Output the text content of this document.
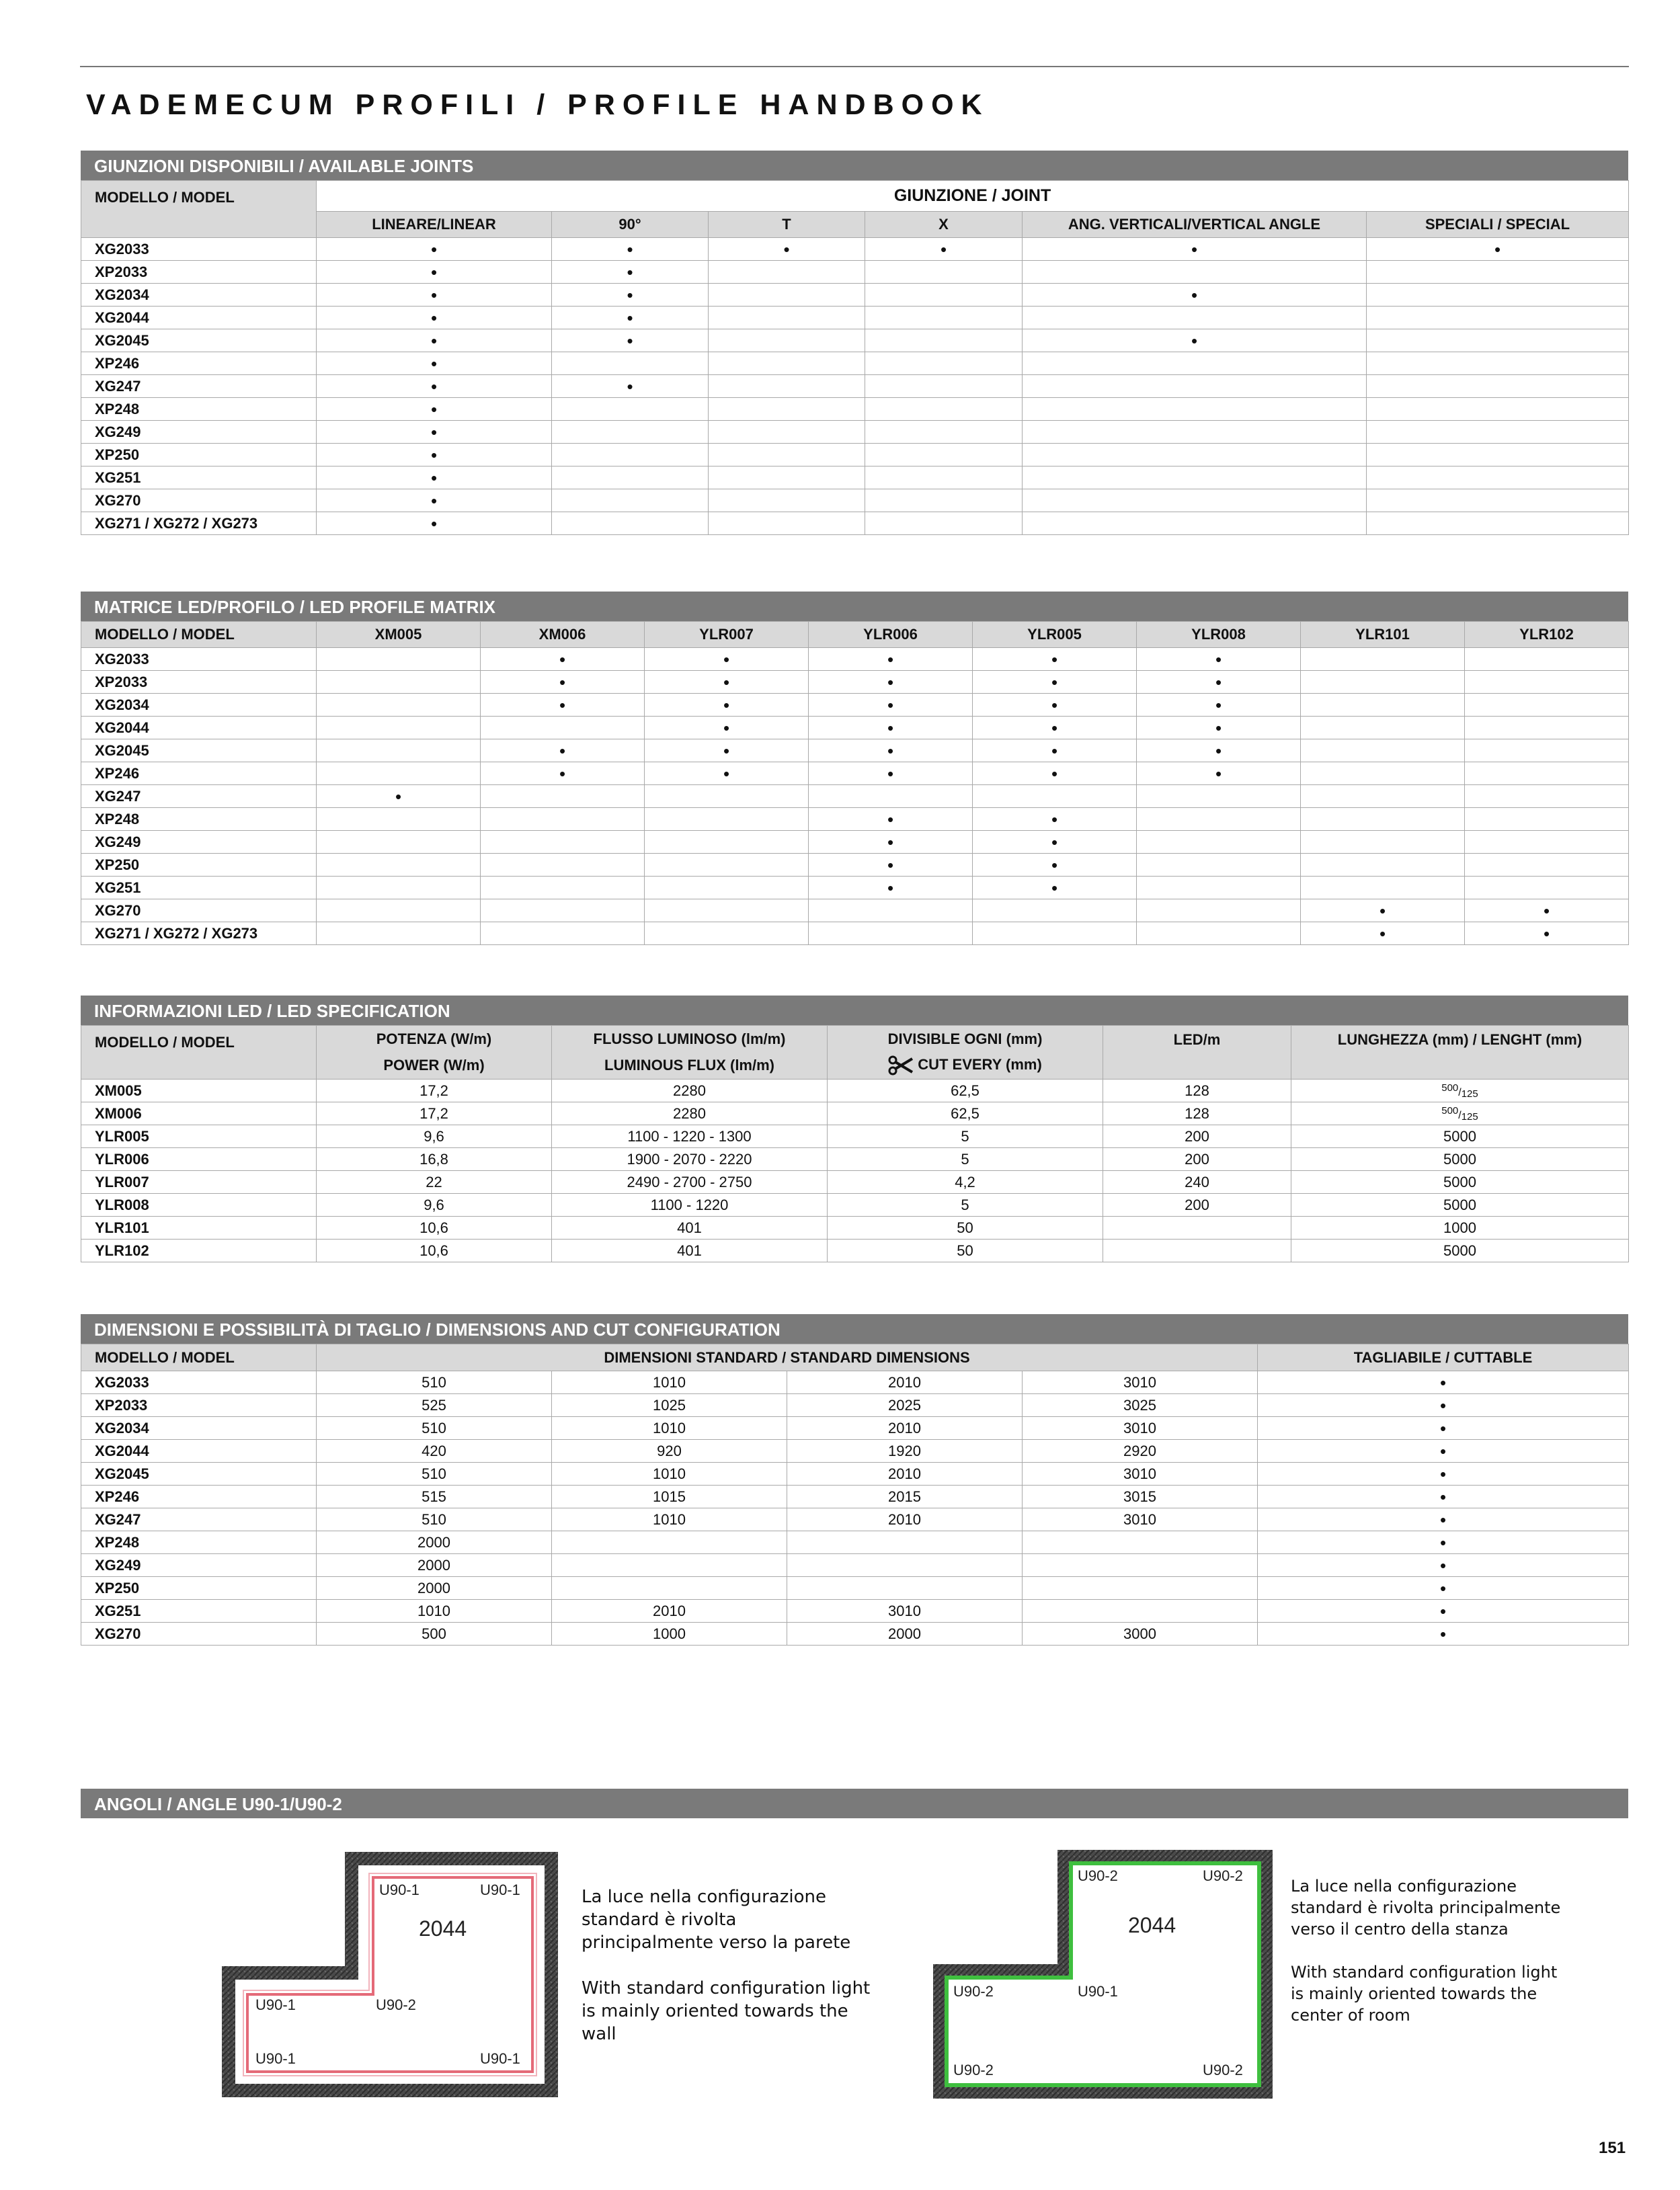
VADEMECUM PROFILI / PROFILE HANDBOOK
GIUNZIONI DISPONIBILI / AVAILABLE JOINTS
MODELLO / MODEL	GIUNZIONE / JOINT					
	LINEARE/LINEAR	90°	T	X	ANG. VERTICALI/VERTICAL ANGLE	SPECIALI / SPECIAL
XG2033	•	•	•	•	•	•
XP2033	•	•				
XG2034	•	•			•	
XG2044	•	•				
XG2045	•	•			•	
XP246	•					
XG247	•	•				
XP248	•					
XG249	•					
XP250	•					
XG251	•					
XG270	•					
XG271 / XG272 / XG273	•					
MATRICE LED/PROFILO / LED PROFILE MATRIX
MODELLO / MODEL	XM005	XM006	YLR007	YLR006	YLR005	YLR008	YLR101	YLR102
XG2033		•	•	•	•	•		
XP2033		•	•	•	•	•		
XG2034		•	•	•	•	•		
XG2044			•	•	•	•		
XG2045		•	•	•	•	•		
XP246		•	•	•	•	•		
XG247	•							
XP248				•	•			
XG249				•	•			
XP250				•	•			
XG251				•	•			
XG270							•	•
XG271 / XG272 / XG273							•	•
INFORMAZIONI LED / LED SPECIFICATION
MODELLO / MODEL	POTENZA (W/m)	FLUSSO LUMINOSO (lm/m)	DIVISIBLE OGNI (mm)	LED/m	LUNGHEZZA (mm) / LENGHT (mm)
	POWER (W/m)	LUMINOUS FLUX (lm/m)	CUT EVERY (mm)		
XM005	17,2	2280	62,5	128	$^{500}$/125
XM006	17,2	2280	62,5	128	$^{500}$/125
YLR005	9,6	1100 - 1220 - 1300	5	200	5000
YLR006	16,8	1900 - 2070 - 2220	5	200	5000
YLR007	22	2490 - 2700 - 2750	4,2	240	5000
YLR008	9,6	1100 - 1220	5	200	5000
YLR101	10,6	401	50		1000
YLR102	10,6	401	50		5000
DIMENSIONI E POSSIBILITÀ DI TAGLIO / DIMENSIONS AND CUT CONFIGURATION
MODELLO / MODEL	DIMENSIONI STANDARD / STANDARD DIMENSIONS				TAGLIABILE / CUTTABLE
XG2033	510	1010	2010	3010	•
XP2033	525	1025	2025	3025	•
XG2034	510	1010	2010	3010	•
XG2044	420	920	1920	2920	•
XG2045	510	1010	2010	3010	•
XP246	515	1015	2015	3015	•
XG247	510	1010	2010	3010	•
XP248	2000				•
XG249	2000				•
XP250	2000				•
XG251	1010	2010	3010		•
XG270	500	1000	2000	3000	•
ANGOLI / ANGLE U90-1/U90-2
U90-1	U90-1
2044
U90-1	U90-2
U90-1	U90-1

La luce nella configurazione standard è rivolta principalmente verso la parete

With standard configuration light is mainly oriented towards the wall

U90-2	U90-2
2044
U90-2	U90-1
U90-2	U90-2

La luce nella configurazione standard è rivolta principalmente verso il centro della stanza

With standard configuration light is mainly oriented towards the center of room

151
